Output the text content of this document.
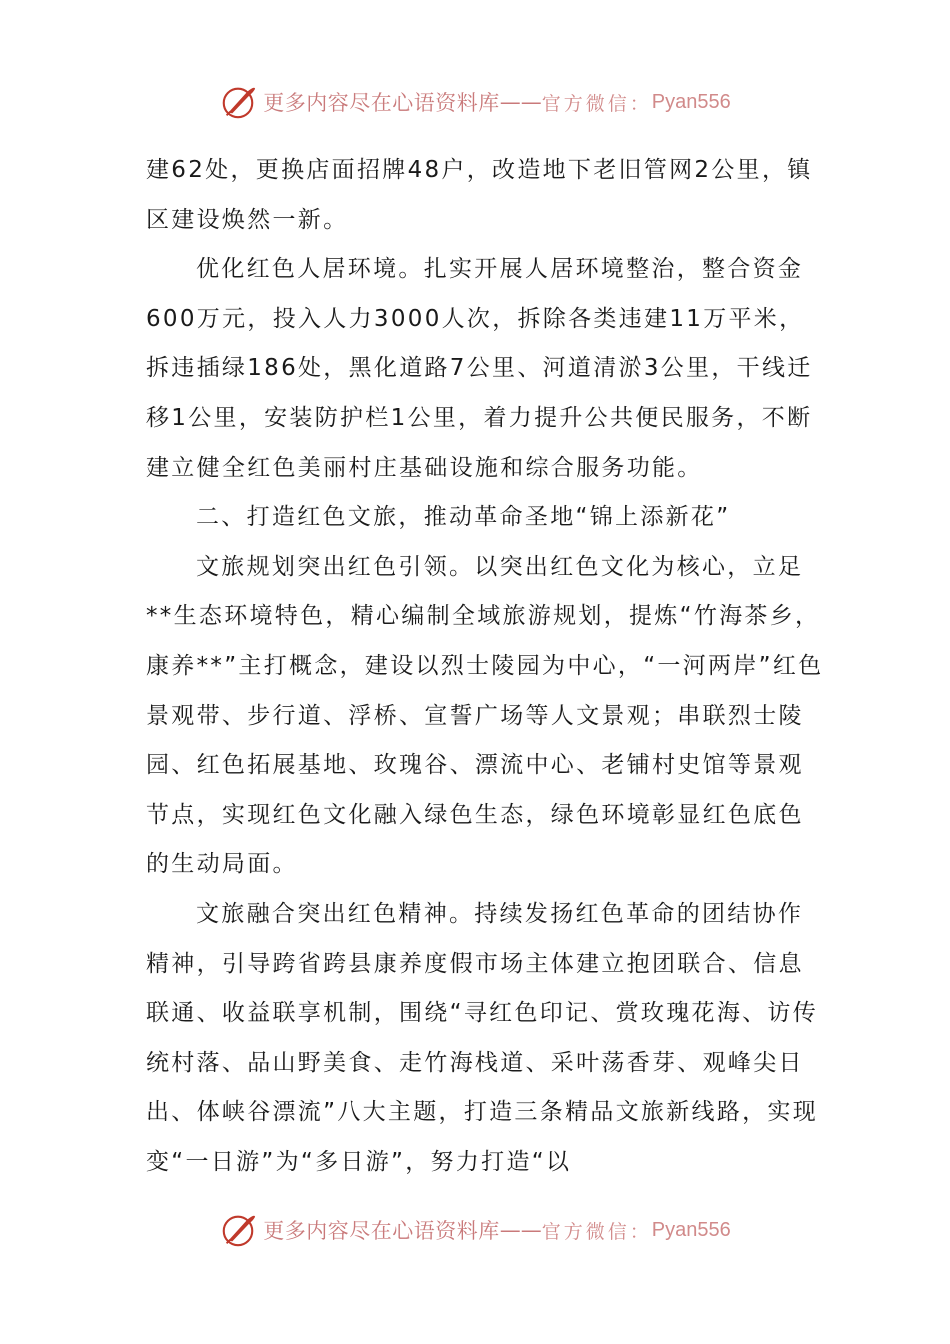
更多内容尽在心语资料库 —— 官方微信： Pyan556

建62处，更换店面招牌48户，改造地下老旧管网2公里，镇区建设焕然一新。

优化红色人居环境。扎实开展人居环境整治，整合资金600万元，投入人力3000人次，拆除各类违建11万平米，拆违插绿186处，黑化道路7公里、河道清淤3公里，干线迁移1公里，安装防护栏1公里，着力提升公共便民服务，不断建立健全红色美丽村庄基础设施和综合服务功能。

二、打造红色文旅，推动革命圣地“锦上添新花”

文旅规划突出红色引领。以突出红色文化为核心，立足**生态环境特色，精心编制全域旅游规划，提炼“竹海茶乡，康养**”主打概念，建设以烈士陵园为中心，“一河两岸”红色景观带、步行道、浮桥、宣誓广场等人文景观；串联烈士陵园、红色拓展基地、玫瑰谷、漂流中心、老铺村史馆等景观节点，实现红色文化融入绿色生态，绿色环境彰显红色底色的生动局面。

文旅融合突出红色精神。持续发扬红色革命的团结协作精神，引导跨省跨县康养度假市场主体建立抱团联合、信息联通、收益联享机制，围绕“寻红色印记、赏玫瑰花海、访传统村落、品山野美食、走竹海栈道、采叶荡香芽、观峰尖日出、体峡谷漂流”八大主题，打造三条精品文旅新线路，实现变“一日游”为“多日游”，努力打造“以

更多内容尽在心语资料库 —— 官方微信： Pyan556
